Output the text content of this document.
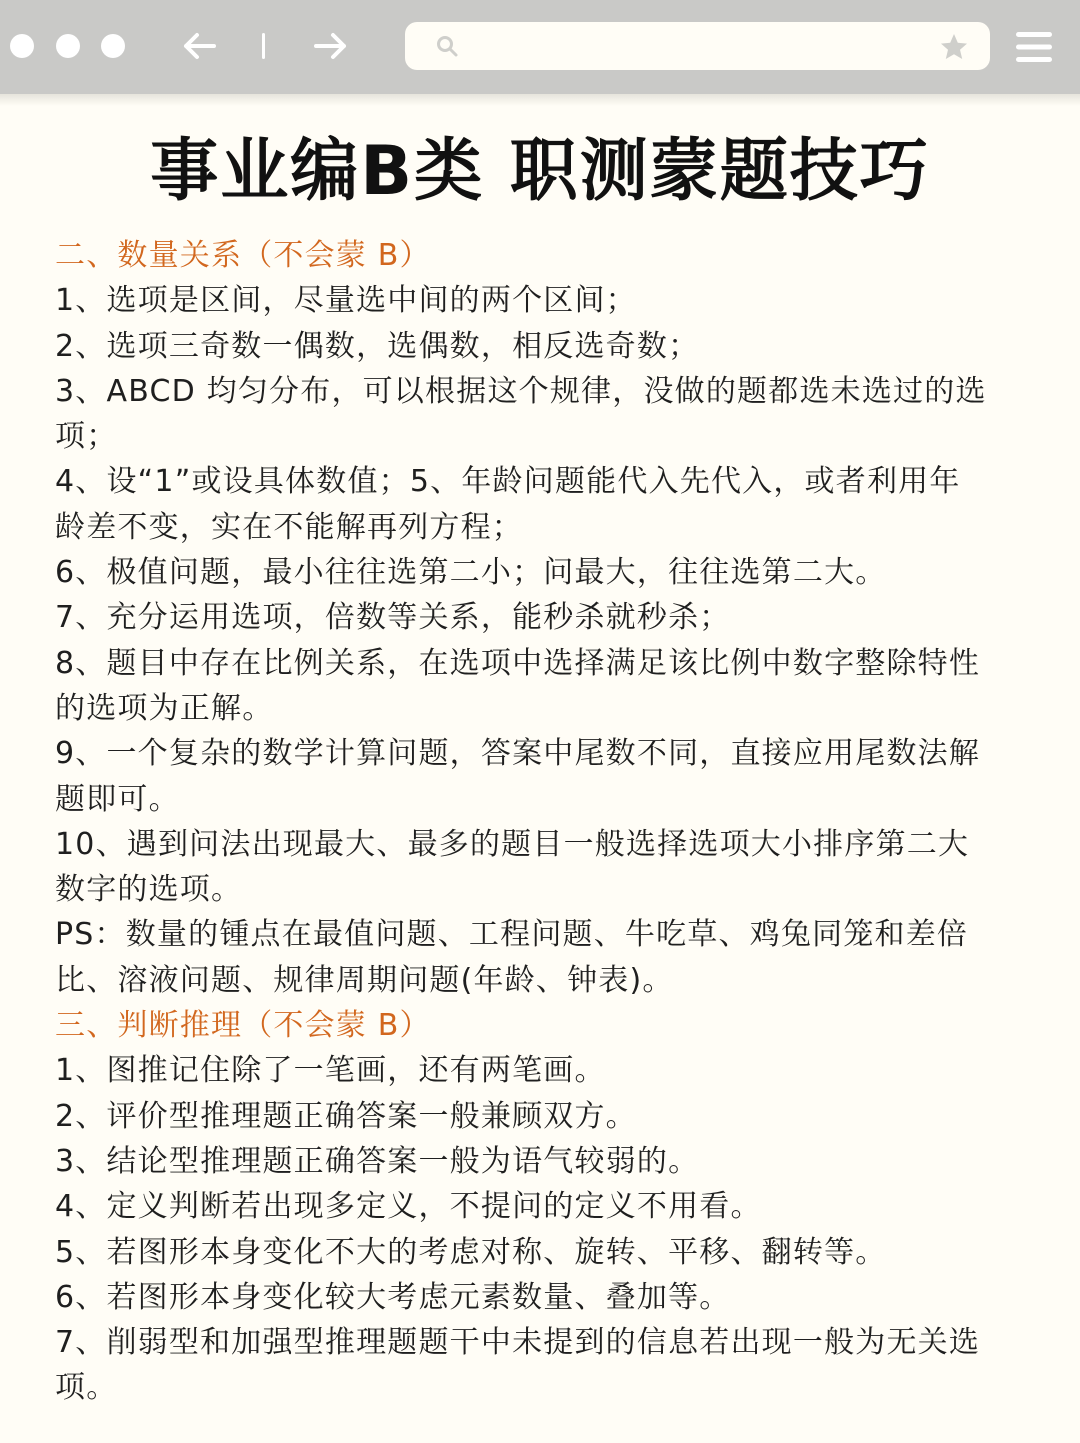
事业编B类 职测蒙题技巧
二、数量关系（不会蒙 B）
1、选项是区间，尽量选中间的两个区间；
2、选项三奇数一偶数，选偶数，相反选奇数；
3、ABCD 均匀分布，可以根据这个规律，没做的题都选未选过的选
项；
4、设“1”或设具体数值；5、年龄问题能代入先代入，或者利用年
龄差不变，实在不能解再列方程；
6、极值问题，最小往往选第二小；问最大，往往选第二大。
7、充分运用选项，倍数等关系，能秒杀就秒杀；
8、题目中存在比例关系，在选项中选择满足该比例中数字整除特性
的选项为正解。
9、一个复杂的数学计算问题，答案中尾数不同，直接应用尾数法解
题即可。
10、遇到问法出现最大、最多的题目一般选择选项大小排序第二大
数字的选项。
PS：数量的锺点在最值问题、工程问题、牛吃草、鸡兔同笼和差倍
比、溶液问题、规律周期问题(年龄、钟表)。
三、判断推理（不会蒙 B）
1、图推记住除了一笔画，还有两笔画。
2、评价型推理题正确答案一般兼顾双方。
3、结论型推理题正确答案一般为语气较弱的。
4、定义判断若出现多定义，不提问的定义不用看。
5、若图形本身变化不大的考虑对称、旋转、平移、翻转等。
6、若图形本身变化较大考虑元素数量、叠加等。
7、削弱型和加强型推理题题干中未提到的信息若出现一般为无关选
项。
